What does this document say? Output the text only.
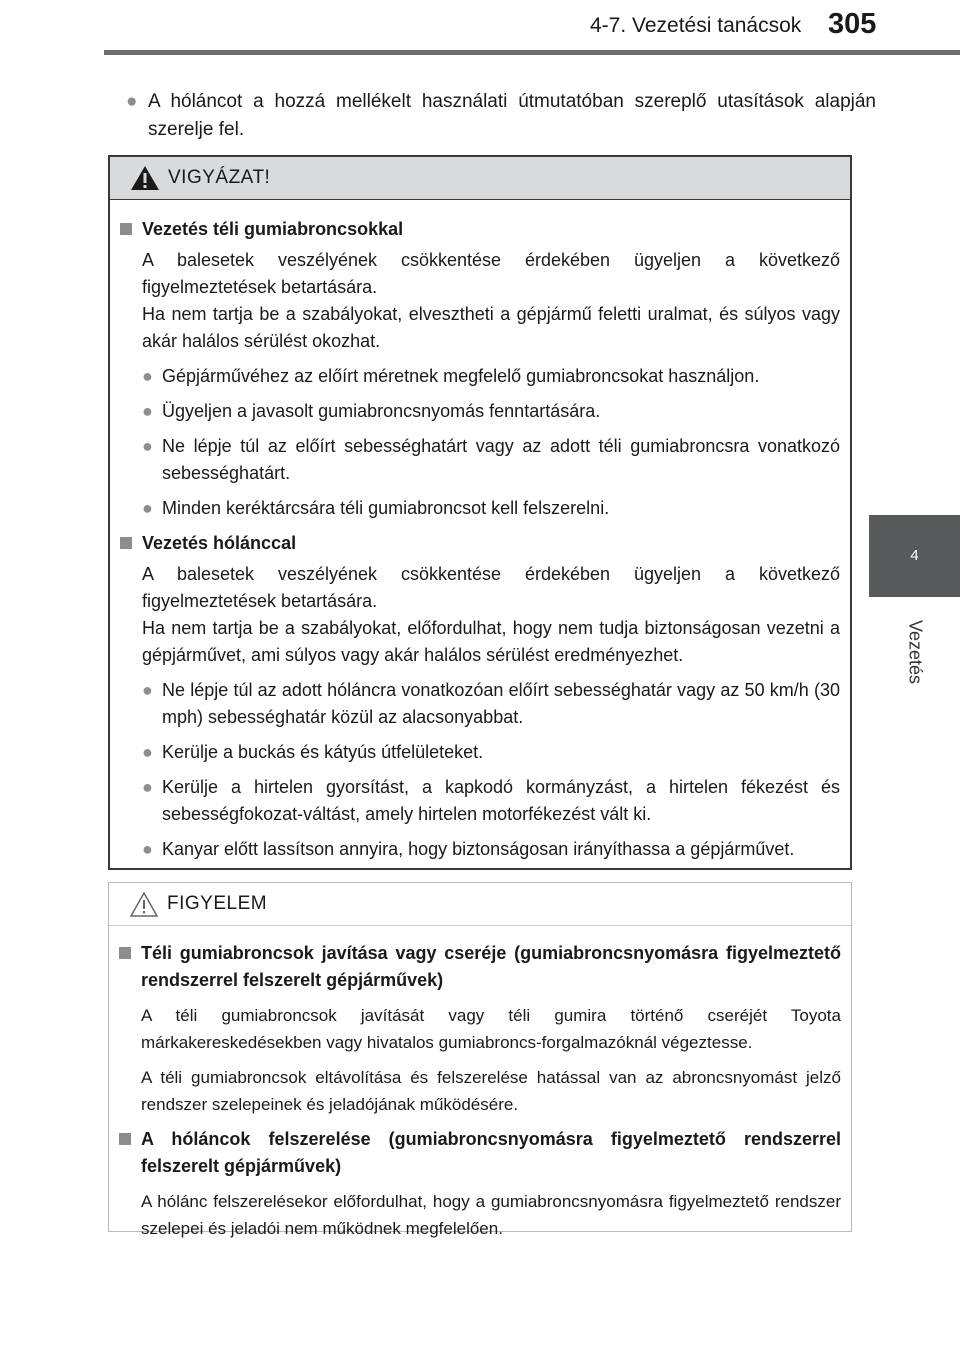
4-7. Vezetési tanácsok 305
4
Vezetés
● A hóláncot a hozzá mellékelt használati útmutatóban szereplő utasítások alapján szerelje fel.
VIGYÁZAT!
Vezetés téli gumiabroncsokkal
A balesetek veszélyének csökkentése érdekében ügyeljen a következő figyelmeztetések betartására.
Ha nem tartja be a szabályokat, elvesztheti a gépjármű feletti uralmat, és súlyos vagy akár halálos sérülést okozhat.
● Gépjárművéhez az előírt méretnek megfelelő gumiabroncsokat használjon.
● Ügyeljen a javasolt gumiabroncsnyomás fenntartására.
● Ne lépje túl az előírt sebességhatárt vagy az adott téli gumiabroncsra vonatkozó sebességhatárt.
● Minden keréktárcsára téli gumiabroncsot kell felszerelni.
Vezetés hólánccal
A balesetek veszélyének csökkentése érdekében ügyeljen a következő figyelmeztetések betartására.
Ha nem tartja be a szabályokat, előfordulhat, hogy nem tudja biztonságosan vezetni a gépjárművet, ami súlyos vagy akár halálos sérülést eredményezhet.
● Ne lépje túl az adott hóláncra vonatkozóan előírt sebességhatár vagy az 50 km/h (30 mph) sebességhatár közül az alacsonyabbat.
● Kerülje a buckás és kátyús útfelületeket.
● Kerülje a hirtelen gyorsítást, a kapkodó kormányzást, a hirtelen fékezést és sebességfokozat-váltást, amely hirtelen motorfékezést vált ki.
● Kanyar előtt lassítson annyira, hogy biztonságosan irányíthassa a gépjárművet.
FIGYELEM
Téli gumiabroncsok javítása vagy cseréje (gumiabroncsnyomásra figyelmeztető rendszerrel felszerelt gépjárművek)
A téli gumiabroncsok javítását vagy téli gumira történő cseréjét Toyota márkakereskedésekben vagy hivatalos gumiabroncs-forgalmazóknál végeztesse.
A téli gumiabroncsok eltávolítása és felszerelése hatással van az abroncsnyomást jelző rendszer szelepeinek és jeladójának működésére.
A hóláncok felszerelése (gumiabroncsnyomásra figyelmeztető rendszerrel felszerelt gépjárművek)
A hólánc felszerelésekor előfordulhat, hogy a gumiabroncsnyomásra figyelmeztető rendszer szelepei és jeladói nem működnek megfelelően.
